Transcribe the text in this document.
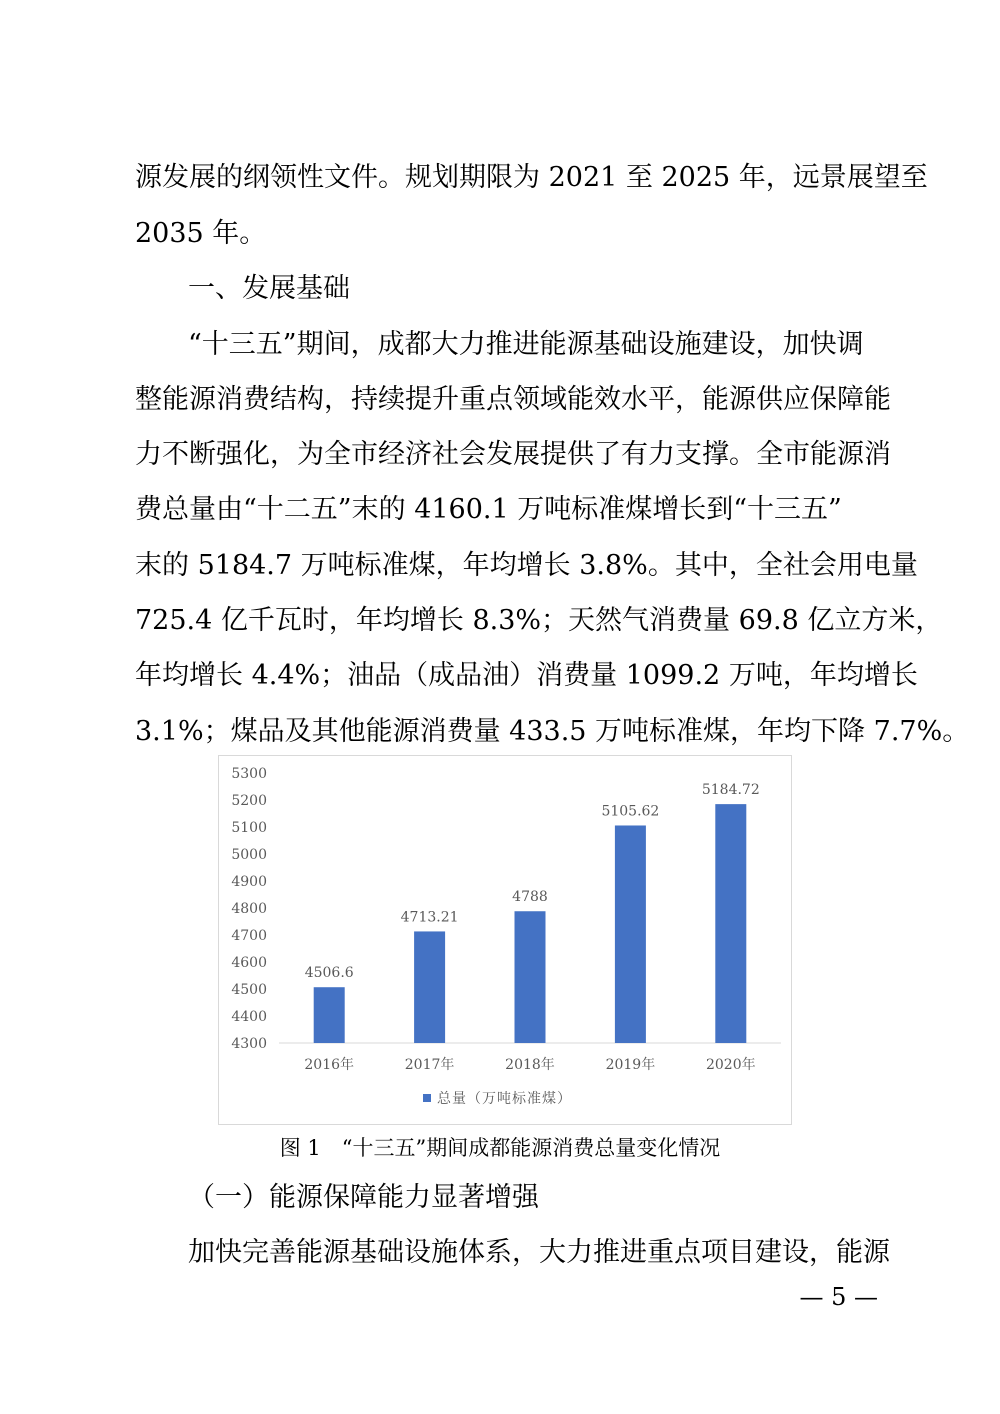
源发展的纲领性文件。规划期限为 2021 至 2025 年，远景展望至
2035 年。
一、发展基础
“十三五”期间，成都大力推进能源基础设施建设，加快调
整能源消费结构，持续提升重点领域能效水平，能源供应保障能
力不断强化，为全市经济社会发展提供了有力支撑。全市能源消
费总量由“十二五”末的 4160.1 万吨标准煤增长到“十三五”
末的 5184.7 万吨标准煤，年均增长 3.8%。其中，全社会用电量
725.4 亿千瓦时，年均增长 8.3%；天然气消费量 69.8 亿立方米，
年均增长 4.4%；油品（成品油）消费量 1099.2 万吨，年均增长
3.1%；煤品及其他能源消费量 433.5 万吨标准煤，年均下降 7.7%。
4300
4400
4500
4600
4700
4800
4900
5000
5100
5200
5300
4506.6
2016年
4713.21
2017年
4788
2018年
5105.62
2019年
5184.72
2020年
总量（万吨标准煤）
图 1　“十三五”期间成都能源消费总量变化情况
（一）能源保障能力显著增强
加快完善能源基础设施体系，大力推进重点项目建设，能源
— 5 —
